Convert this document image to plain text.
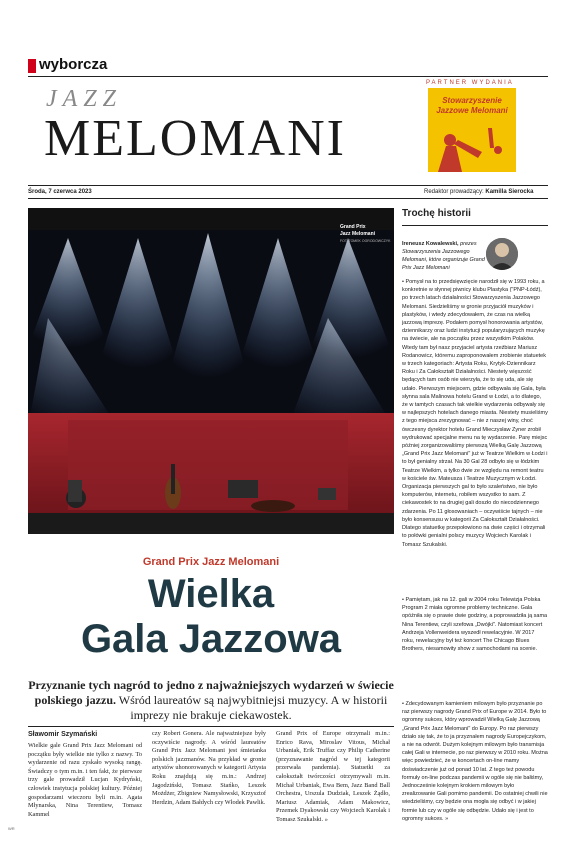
wyborcza
JAZZ
MELOMANI
PARTNER WYDANIA
Stowarzyszenie Jazzowe Melomani
Środa, 7 czerwca 2023	Redaktor prowadzący: Kamilla Sierocka
Grand Prix
Jazz Melomani
FOT. TOMEK OGRODOWCZYK
Grand Prix Jazz Melomani
Wielka
Gala Jazzowa
Przyznanie tych nagród to jedno z najważniejszych wydarzeń w świecie polskiego jazzu. Wśród laureatów są najwybitniejsi muzycy. A w historii imprezy nie brakuje ciekawostek.
Sławomir Szymański
Wielkie gale Grand Prix Jazz Melomani od początku były wielkie nie tylko z nazwy. To wydarzenie od razu zyskało wysoką rangę. Świadczy o tym m.in. i ten fakt, że pierwsze trzy gale prowadził Lucjan Kydryński, człowiek instytucja polskiej kultury. Później gospodarzami wieczoru byli m.in. Agata Młynarska, Nina Terentiew, Tomasz Kammel
czy Robert Gonera. Ale najważniejsze były oczywiście nagrody. A wśród laureatów Grand Prix Jazz Melomani jest śmietanka polskich jazzmanów. Na przykład w gronie artystów uhonorowanych w kategorii Artysta Roku znajdują się m.in.: Andrzej Jagodziński, Tomasz Stańko, Leszek Możdżer, Zbigniew Namysłowski, Krzysztof Herdzin, Adam Bałdych czy Włodek Pawlik.
Grand Prix of Europe otrzymali m.in.: Enrico Rava, Miroslav Vitous, Michał Urbaniak, Erik Truffaz czy Philip Catherine (przyznawanie nagród w tej kategorii przerwała pandemia). Statuetki za całokształt twórczości otrzymywali m.in. Michał Urbaniak, Ewa Bem, Jazz Band Ball Orchestra, Urszula Dudziak, Leszek Żądło, Mariusz Adamiak, Adam Makowicz, Przemek Dyakowski czy Wojciech Karolak i Tomasz Szukalski. »
WR
Trochę historii
Ireneusz Kowalewski, prezes Stowarzyszenia Jazzowego Melomani, które organizuje Grand Prix Jazz Melomani
• Pomysł na to przedsięwzięcie narodził się w 1993 roku, a konkretnie w słynnej piwnicy klubu Plastyka ("PNP-Łódź), po trzech latach działalności Stowarzyszenia Jazzowego Melomani. Siedzieliśmy w gronie przyjaciół muzyków i plastyków, i wtedy zdecydowałem, że czas na wielką jazzową imprezę. Podałem pomysł honorowania artystów, dziennikarzy oraz ludzi instytucji popularyzujących muzykę na świecie, ale na początku przez wszystkim Polaków. Wtedy tam był nasz przyjaciel artysta rzeźbiarz Mariusz Rodanowicz, któremu zaproponowałem zrobienie statuetek w trzech kategoriach: Artysta Roku, Krytyk-Dziennikarz Roku i Za Całokształt Działalności. Niestety więszość będących tam osób nie wierzyła, że to się uda, ale się udało. Pierwszym miejscem, gdzie odbywała się Gala, była słynna sala Malinowa hotelu Grand w Łodzi, a to dlatego, że w tamtych czasach tak wielkie wydarzenia odbywały się w najlepszych hotelach danego miasta. Niestety musieliśmy z tego miejsca zrezygnować – nie z naszej winy, choć ówczesny dyrektor hotelu Grand Mieczysław Zyner zrobił wydrukować specjalne menu na tę wydarzenie. Parę miejsc później zorganizowaliśmy pierwszą Wielką Galę Jazzową „Grand Prix Jazz Melomani" już w Teatrze Wielkim w Łodzi i to był genialny strzał. Na 30 Gal 28 odbyło się w łódzkim Teatrze Wielkim, a tylko dwie ze względu na remont teatru w kościele św. Mateusza i Teatrze Muzycznym w Łodzi. Organizacja pierwszych gal to było szaleństwo, nie było komputerów, internetu, robiłem wszystko to sam. Z ciekawostek to na drugiej gali doszło do niecodziennego zdarzenia. Po 11 głosowaniach – oczywiście tajnych – nie było konsensusu w kategorii Za Całokształt Działalności. Dlatego statuetkę przepołowiono na dwie części i otrzymali to połówki genialni polscy muzycy Wojciech Karolak i Tomasz Szukalski.
• Pamiętam, jak na 12. gali w 2004 roku Telewizja Polska Program 2 miała ogromne problemy techniczne. Gala opóźniła się o prawie dwie godziny, a poprowadziła ją sama Nina Terentiew, czyli szefowa „Dwójki". Natomiast koncert Andrzeja Vollenweidera wyszedł rewelacyjnie. W 2017 roku, rewelacyjny był też koncert The Chicago Blues Brothers, niesamowity show z samochodami na scenie.
• Zdecydowanym kamieniem milowym było przyznanie po raz pierwszy nagrody Grand Prix of Europe w 2014. Było to ogromny sukces, który wprowadził Wielką Galę Jazzową „Grand Prix Jazz Melomani" do Europy. Po raz pierwszy działo się tak, że to ja przyznałem nagrody Europejczykom, a nie na odwrót. Dużym kolejnym milowym było transmisja całej Gali w internecie, po raz pierwszy w 2010 roku. Można więc powiedzieć, że w koncertach on-line mamy doświadczenie już od ponad 10 lat. Z tego też powodu formuły on-line podczas pandemii w ogóle się nie bałiśmy, Jednocześnie kolejnym krokiem milowym było zrealizowanie Gali pomimo pandemii. Do ostatniej chwili nie wiedzieliśmy, czy będzie ona mogła się odbyć i w jakiej formie lub czy w ogóle się odbędzie. Udało się i jest to ogromny sukces. »
